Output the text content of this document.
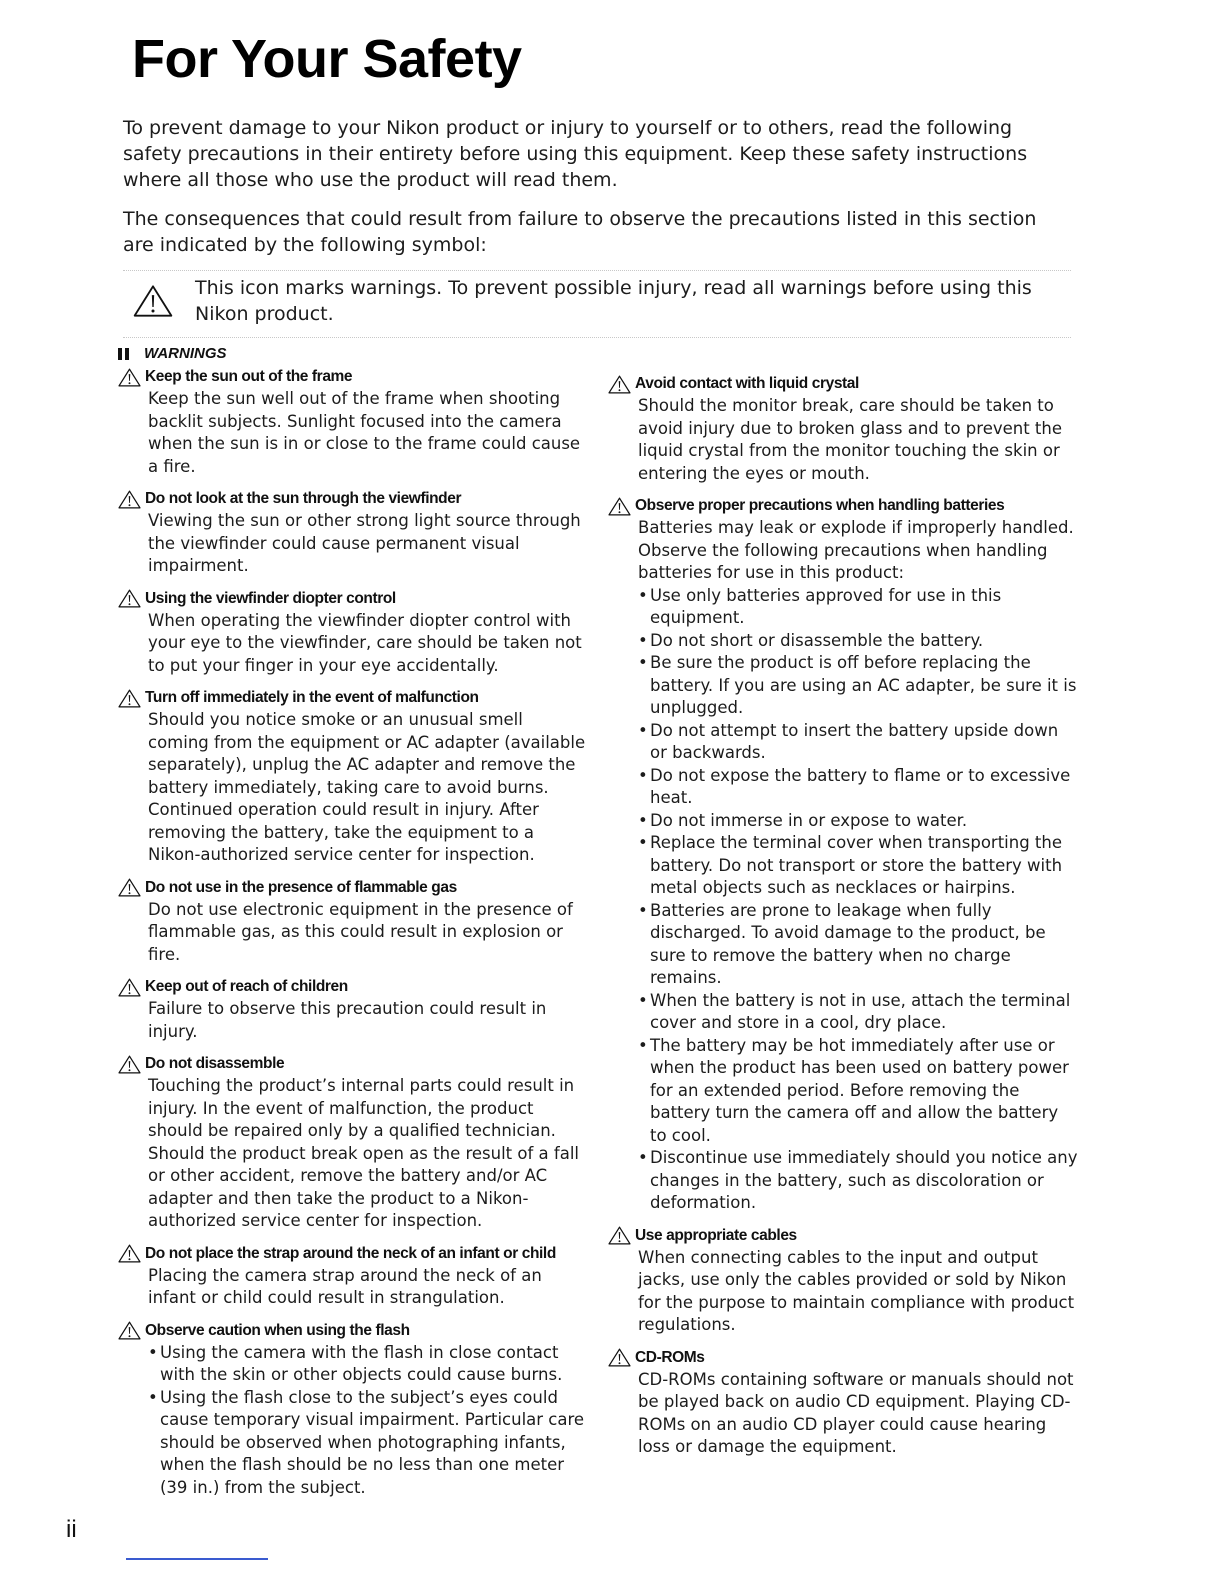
For Your Safety

To prevent damage to your Nikon product or injury to yourself or to others, read the following safety precautions in their entirety before using this equipment. Keep these safety instructions where all those who use the product will read them.

The consequences that could result from failure to observe the precautions listed in this section are indicated by the following symbol:

This icon marks warnings. To prevent possible injury, read all warnings before using this Nikon product.
WARNINGS
Keep the sun out of the frame
Keep the sun well out of the frame when shooting backlit subjects. Sunlight focused into the camera when the sun is in or close to the frame could cause a fire.
Do not look at the sun through the viewfinder
Viewing the sun or other strong light source through the viewfinder could cause permanent visual impairment.
Using the viewfinder diopter control
When operating the viewfinder diopter control with your eye to the viewfinder, care should be taken not to put your finger in your eye accidentally.
Turn off immediately in the event of malfunction
Should you notice smoke or an unusual smell coming from the equipment or AC adapter (available separately), unplug the AC adapter and remove the battery immediately, taking care to avoid burns. Continued operation could result in injury. After removing the battery, take the equipment to a Nikon-authorized service center for inspection.
Do not use in the presence of flammable gas
Do not use electronic equipment in the presence of flammable gas, as this could result in explosion or fire.
Keep out of reach of children
Failure to observe this precaution could result in injury.
Do not disassemble
Touching the product’s internal parts could result in injury. In the event of malfunction, the product should be repaired only by a qualified technician. Should the product break open as the result of a fall or other accident, remove the battery and/or AC adapter and then take the product to a Nikon-authorized service center for inspection.
Do not place the strap around the neck of an infant or child
Placing the camera strap around the neck of an infant or child could result in strangulation.
Observe caution when using the flash
• Using the camera with the flash in close contact with the skin or other objects could cause burns.
• Using the flash close to the subject’s eyes could cause temporary visual impairment. Particular care should be observed when photographing infants, when the flash should be no less than one meter (39 in.) from the subject.
Avoid contact with liquid crystal
Should the monitor break, care should be taken to avoid injury due to broken glass and to prevent the liquid crystal from the monitor touching the skin or entering the eyes or mouth.
Observe proper precautions when handling batteries
Batteries may leak or explode if improperly handled. Observe the following precautions when handling batteries for use in this product:
• Use only batteries approved for use in this equipment.
• Do not short or disassemble the battery.
• Be sure the product is off before replacing the battery. If you are using an AC adapter, be sure it is unplugged.
• Do not attempt to insert the battery upside down or backwards.
• Do not expose the battery to flame or to excessive heat.
• Do not immerse in or expose to water.
• Replace the terminal cover when transporting the battery. Do not transport or store the battery with metal objects such as necklaces or hairpins.
• Batteries are prone to leakage when fully discharged. To avoid damage to the product, be sure to remove the battery when no charge remains.
• When the battery is not in use, attach the terminal cover and store in a cool, dry place.
• The battery may be hot immediately after use or when the product has been used on battery power for an extended period. Before removing the battery turn the camera off and allow the battery to cool.
• Discontinue use immediately should you notice any changes in the battery, such as discoloration or deformation.
Use appropriate cables
When connecting cables to the input and output jacks, use only the cables provided or sold by Nikon for the purpose to maintain compliance with product regulations.
CD-ROMs
CD-ROMs containing software or manuals should not be played back on audio CD equipment. Playing CD-ROMs on an audio CD player could cause hearing loss or damage the equipment.
ii
